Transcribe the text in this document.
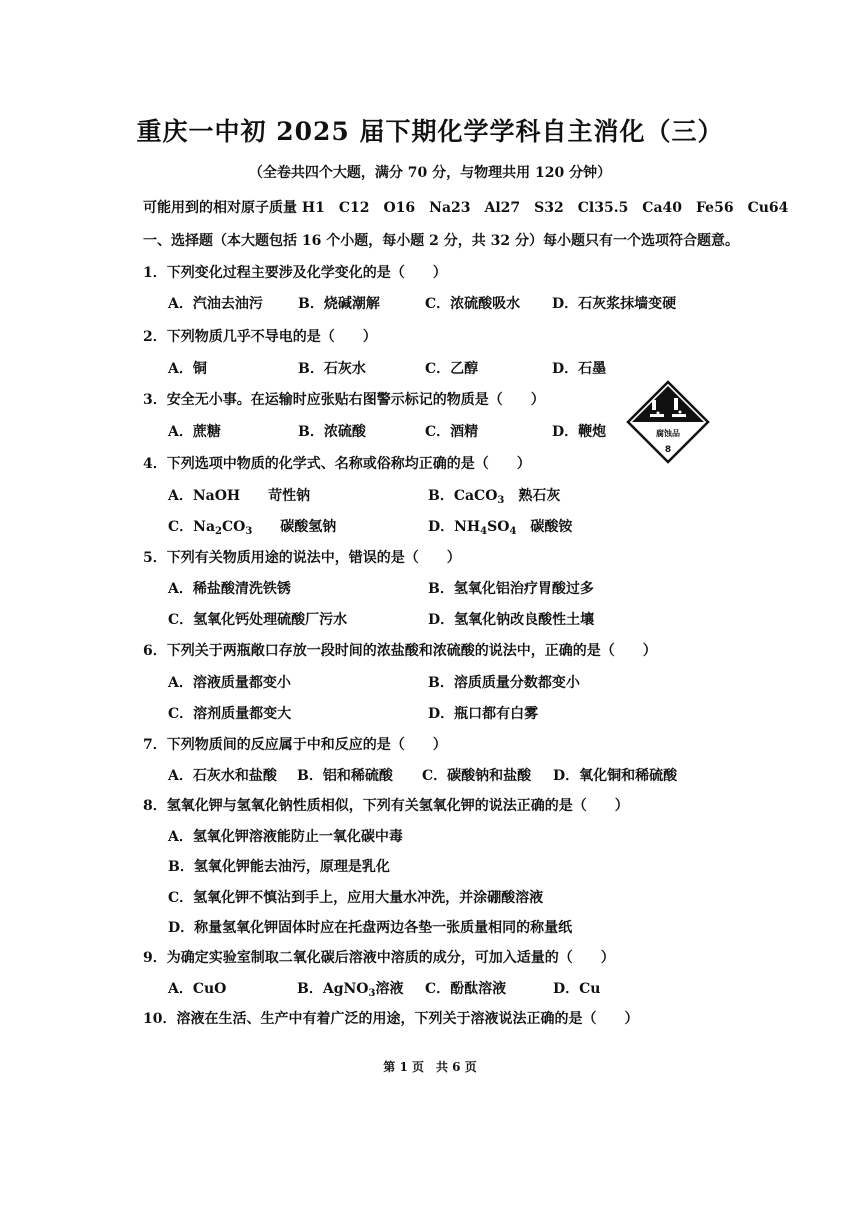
重庆一中初 2025 届下期化学学科自主消化（三）
（全卷共四个大题，满分 70 分，与物理共用 120 分钟）
可能用到的相对原子质量 H1　C12　O16　Na23　Al27　S32　Cl35.5　Ca40　Fe56　Cu64
一、选择题（本大题包括 16 个小题，每小题 2 分，共 32 分）每小题只有一个选项符合题意。
1．下列变化过程主要涉及化学变化的是（　　）
A．汽油去油污	B．烧碱潮解	C．浓硫酸吸水 D．石灰浆抹墙变硬
2．下列物质几乎不导电的是（　　）
A．铜	B．石灰水	C．乙醇	D．石墨
3．安全无小事。在运输时应张贴右图警示标记的物质是（　　）
A．蔗糖	B．浓硫酸	C．酒精	D．鞭炮	腐蚀品
8
4．下列选项中物质的化学式、名称或俗称均正确的是（　　）
A．NaOH　　苛性钠	B．CaCO$_3$　熟石灰
C．$Na_2CO_3$　　碳酸氢钠	D．$NH_4SO_4$　碳酸铵
5．下列有关物质用途的说法中，错误的是（　　）
A．稀盐酸清洗铁锈	B．氢氧化铝治疗胃酸过多
C．氢氧化钙处理硫酸厂污水	D．氢氧化钠改良酸性土壤
6．下列关于两瓶敞口存放一段时间的浓盐酸和浓硫酸的说法中，正确的是（　　）
A．溶液质量都变小	B．溶质质量分数都变小
C．溶剂质量都变大	D．瓶口都有白雾
7．下列物质间的反应属于中和反应的是（　　）
A．石灰水和盐酸 B．铝和稀硫酸 C．碳酸钠和盐酸 D．氧化铜和稀硫酸
8．氢氧化钾与氢氧化钠性质相似，下列有关氢氧化钾的说法正确的是（　　）
A．氢氧化钾溶液能防止一氧化碳中毒
B．氢氧化钾能去油污，原理是乳化
C．氢氧化钾不慎沾到手上，应用大量水冲洗，并涂硼酸溶液
D．称量氢氧化钾固体时应在托盘两边各垫一张质量相同的称量纸
9．为确定实验室制取二氧化碳后溶液中溶质的成分，可加入适量的（　　）
A．CuO	B．AgNO$_3$溶液 C．酚酞溶液	D．Cu
10．溶液在生活、生产中有着广泛的用途，下列关于溶液说法正确的是（　　）
第 1 页　共 6 页
